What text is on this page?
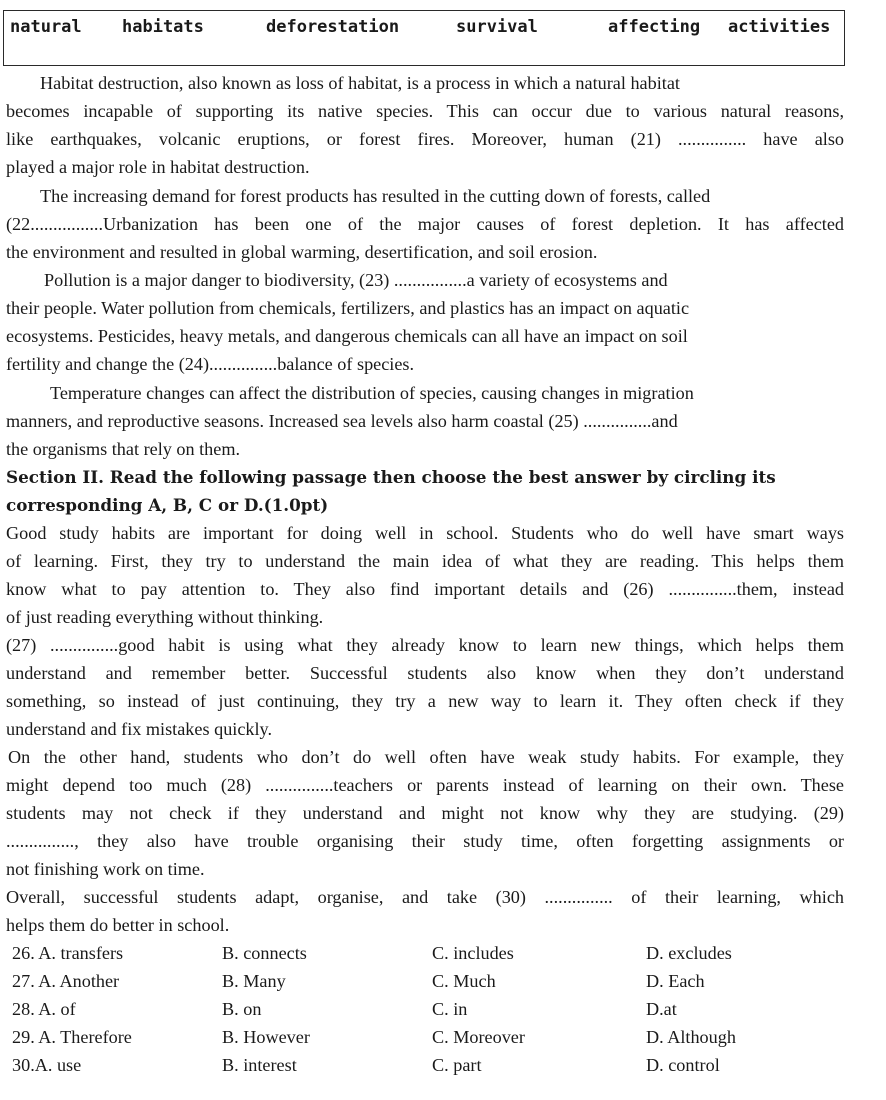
natural habitats	deforestation	survival	affecting activities
Habitat destruction, also known as loss of habitat, is a process in which a natural habitat
becomes incapable of supporting its native species. This can occur due to various natural reasons,
like earthquakes, volcanic eruptions, or forest fires. Moreover, human (21) ............... have also
played a major role in habitat destruction.
The increasing demand for forest products has resulted in the cutting down of forests, called
(22................Urbanization has been one of the major causes of forest depletion. It has affected
the environment and resulted in global warming, desertification, and soil erosion.
Pollution is a major danger to biodiversity, (23) ................a variety of ecosystems and
their people. Water pollution from chemicals, fertilizers, and plastics has an impact on aquatic
ecosystems. Pesticides, heavy metals, and dangerous chemicals can all have an impact on soil
fertility and change the (24)...............balance of species.
Temperature changes can affect the distribution of species, causing changes in migration
manners, and reproductive seasons. Increased sea levels also harm coastal (25) ...............and
the organisms that rely on them.
Section II. Read the following passage then choose the best answer by circling its
corresponding A, B, C or D.(1.0pt)
Good study habits are important for doing well in school. Students who do well have smart ways
of learning. First, they try to understand the main idea of what they are reading. This helps them
know what to pay attention to. They also find important details and (26) ...............them, instead
of just reading everything without thinking.
(27) ...............good habit is using what they already know to learn new things, which helps them
understand and remember better. Successful students also know when they don’t understand
something, so instead of just continuing, they try a new way to learn it. They often check if they
understand and fix mistakes quickly.
On the other hand, students who don’t do well often have weak study habits. For example, they
might depend too much (28) ...............teachers or parents instead of learning on their own. These
students may not check if they understand and might not know why they are studying. (29)
..............., they also have trouble organising their study time, often forgetting assignments or
not finishing work on time.
Overall, successful students adapt, organise, and take (30) ............... of their learning, which
helps them do better in school.
26. A. transfers	B. connects	C. includes	D. excludes
27. A. Another	B. Many	C. Much	D. Each
28. A. of	B. on	C. in	D.at
29. A. Therefore	B. However	C. Moreover	D. Although
30.A. use	B. interest	C. part	D. control
